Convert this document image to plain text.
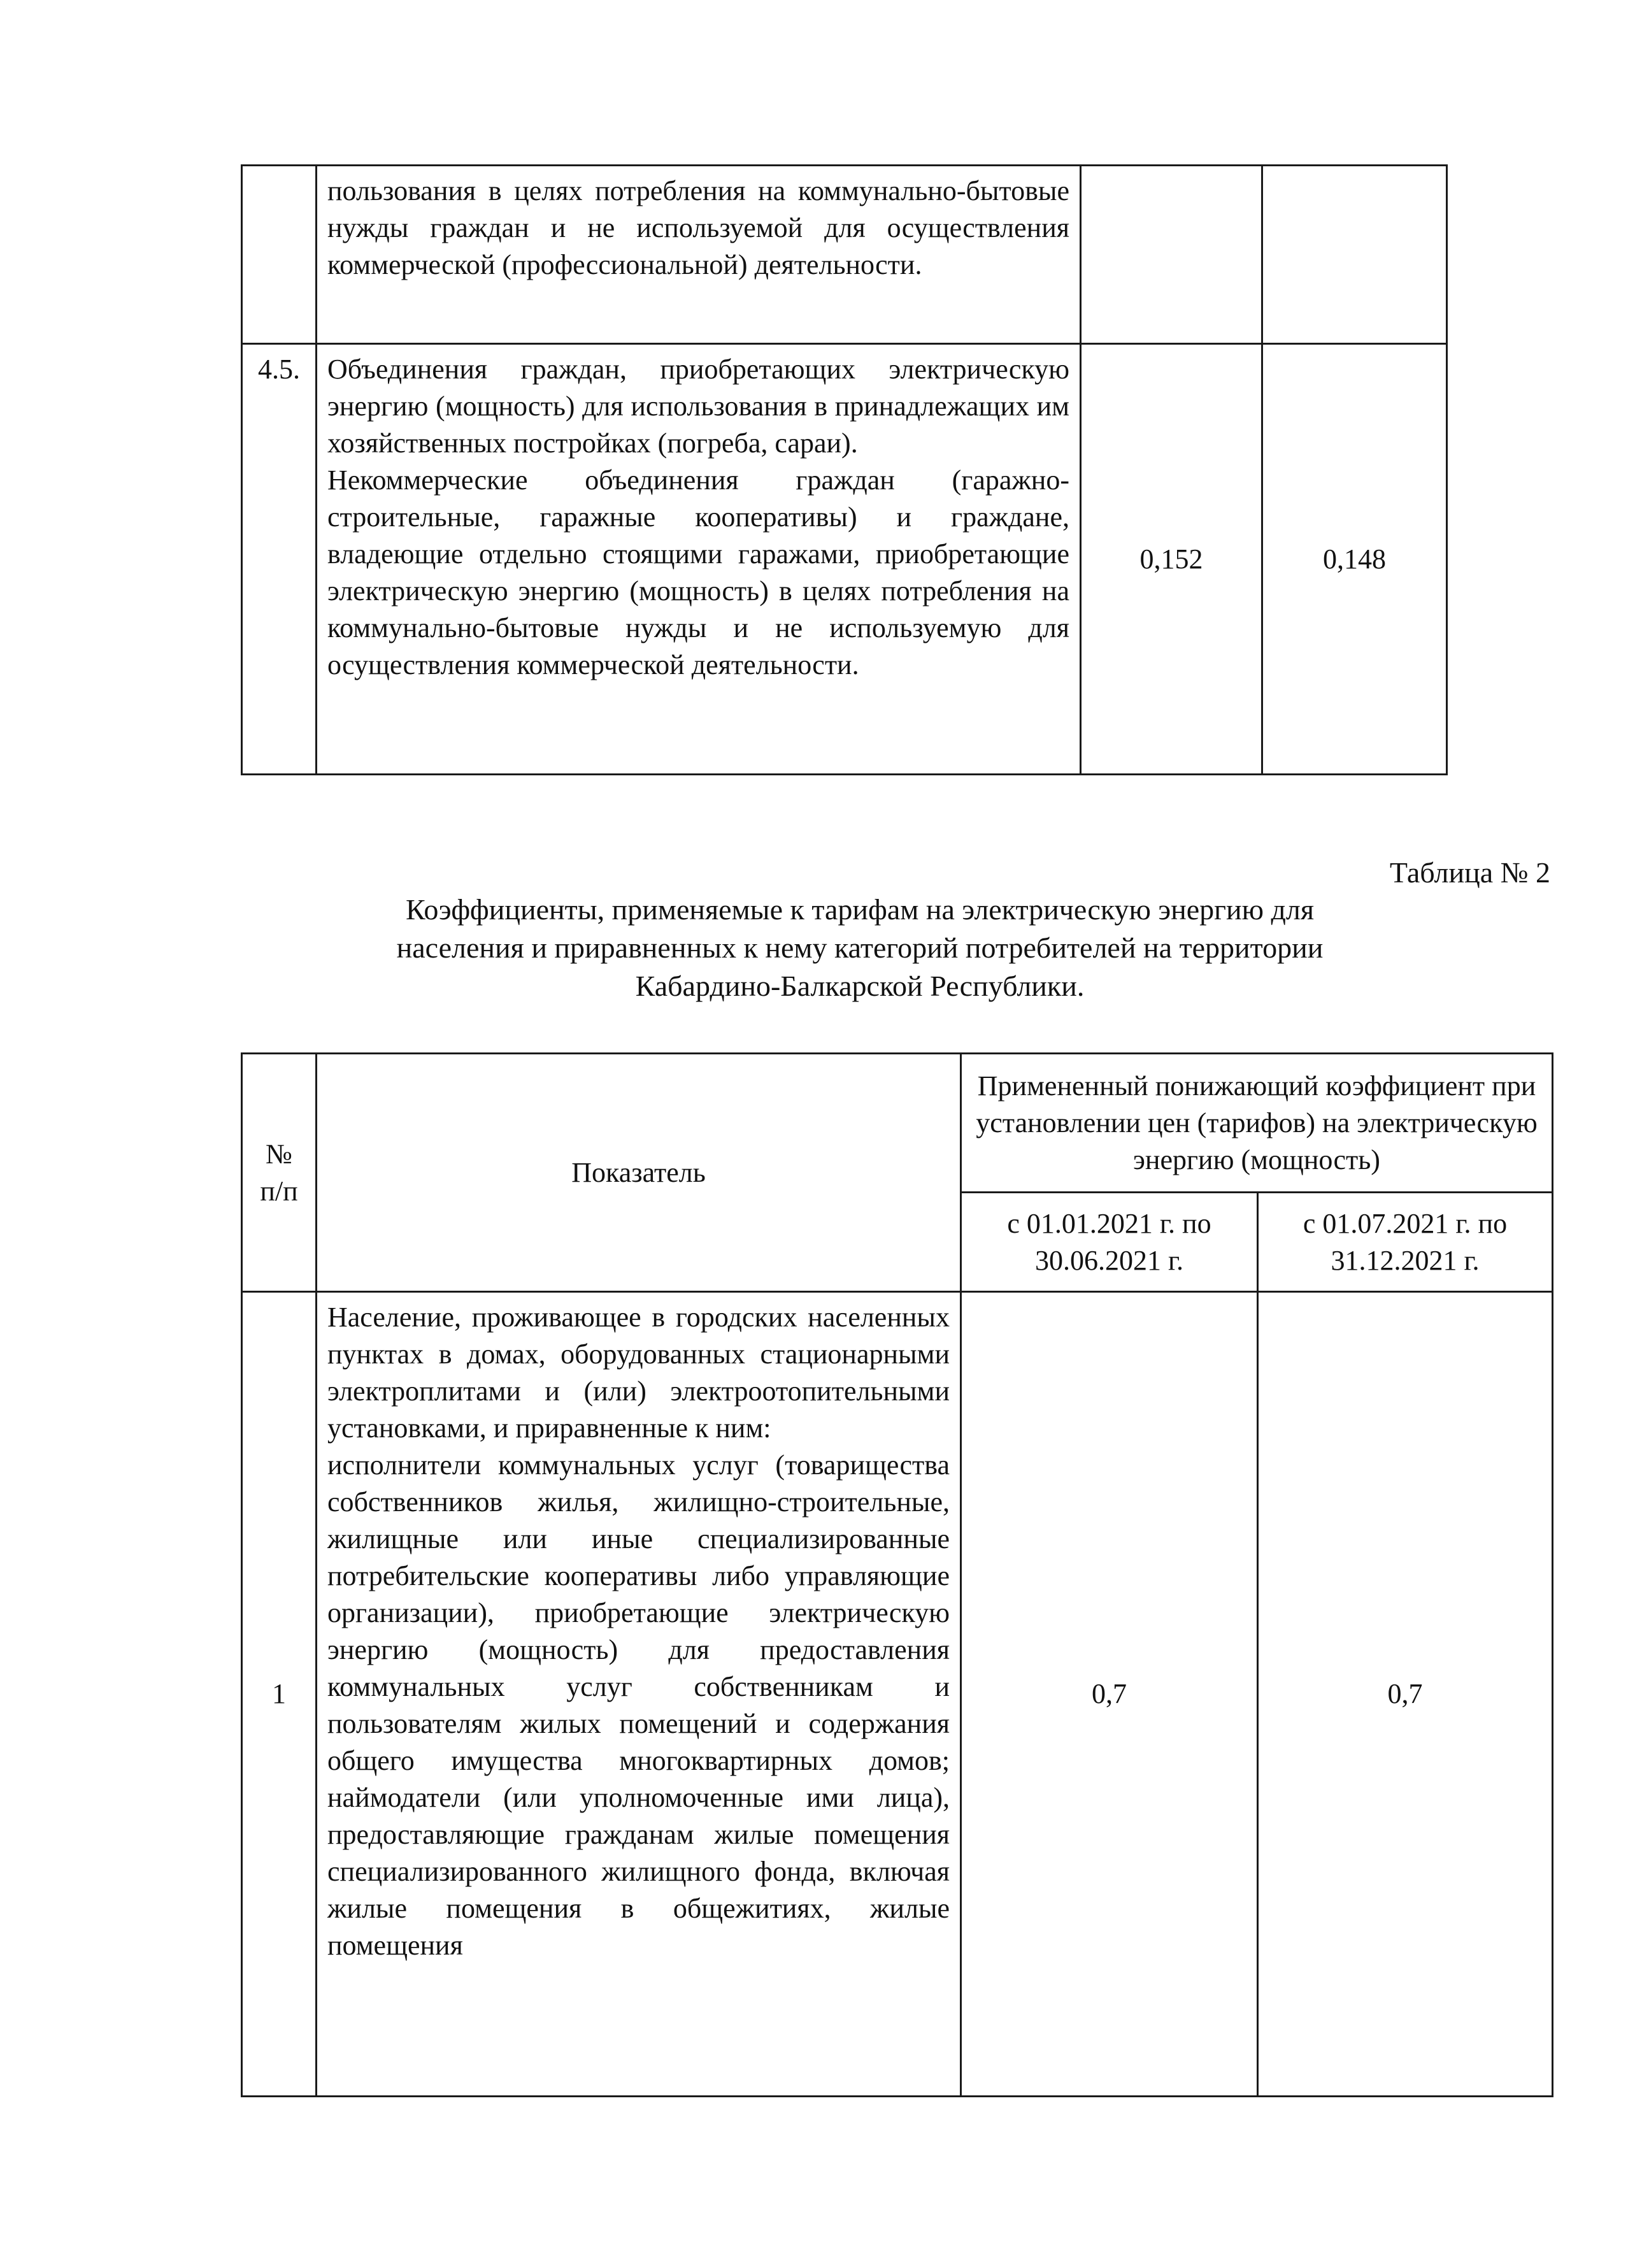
	пользования в целях потребления на коммунально-бытовые нужды граждан и не используемой для осуществления коммерческой (профессиональной) деятельности.		

4.5.	Объединения граждан, приобретающих электрическую энергию (мощность) для использования в принадлежащих им хозяйственных постройках (погреба, сараи).

Некоммерческие объединения граждан (гаражно-строительные, гаражные кооперативы) и граждане, владеющие отдельно стоящими гаражами, приобретающие электрическую энергию (мощность) в целях потребления на коммунально-бытовые нужды и не используемую для осуществления коммерческой деятельности.	0,152	0,148
Таблица № 2
Коэффициенты, применяемые к тарифам на электрическую энергию для
населения и приравненных к нему категорий потребителей на территории
Кабардино-Балкарской Республики.
№ п/п	Показатель	Примененный понижающий коэффициент при установлении цен (тарифов) на электрическую энергию (мощность)	
		с 01.01.2021 г. по 30.06.2021 г.	с 01.07.2021 г. по 31.12.2021 г.
1	Население, проживающее в городских населенных пунктах в домах, оборудованных стационарными электроплитами и (или) электроотопительными установками, и приравненные к ним:

исполнители коммунальных услуг (товарищества собственников жилья, жилищно-строительные, жилищные или иные специализированные потребительские кооперативы либо управляющие организации), приобретающие электрическую энергию (мощность) для предоставления коммунальных услуг собственникам и пользователям жилых помещений и содержания общего имущества многоквартирных домов; наймодатели (или уполномоченные ими лица), предоставляющие гражданам жилые помещения специализированного жилищного фонда, включая жилые помещения в общежитиях, жилые помещения	0,7	0,7
